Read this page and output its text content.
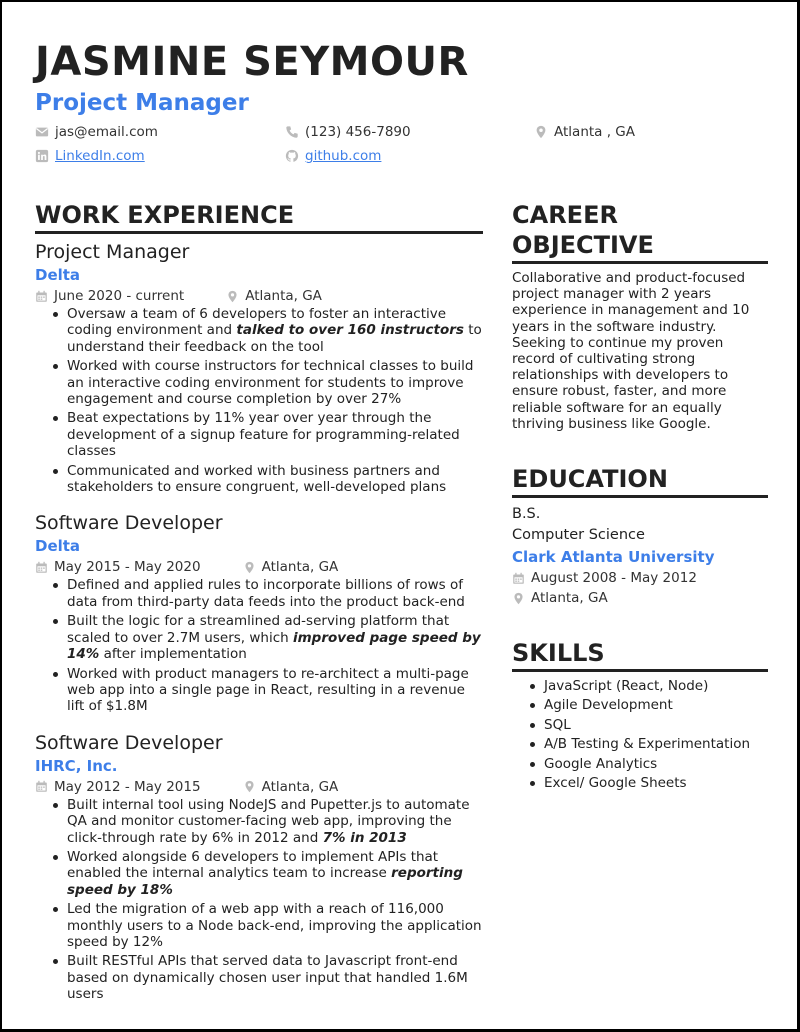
JASMINE SEYMOUR
Project Manager
jas@email.com	(123) 456-7890	Atlanta , GA
LinkedIn.com	github.com
WORK EXPERIENCE
Project Manager
Delta
June 2020 - current	Atlanta, GA
Oversaw a team of 6 developers to foster an interactive coding environment and talked to over 160 instructors to understand their feedback on the tool
Worked with course instructors for technical classes to build an interactive coding environment for students to improve engagement and course completion by over 27%
Beat expectations by 11% year over year through the development of a signup feature for programming-related classes
Communicated and worked with business partners and stakeholders to ensure congruent, well-developed plans
Software Developer
Delta
May 2015 - May 2020	Atlanta, GA
Defined and applied rules to incorporate billions of rows of data from third-party data feeds into the product back-end
Built the logic for a streamlined ad-serving platform that scaled to over 2.7M users, which improved page speed by 14% after implementation
Worked with product managers to re-architect a multi-page web app into a single page in React, resulting in a revenue lift of $1.8M
Software Developer
IHRC, Inc.
May 2012 - May 2015	Atlanta, GA
Built internal tool using NodeJS and Pupetter.js to automate QA and monitor customer-facing web app, improving the click-through rate by 6% in 2012 and 7% in 2013
Worked alongside 6 developers to implement APIs that enabled the internal analytics team to increase reporting speed by 18%
Led the migration of a web app with a reach of 116,000 monthly users to a Node back-end, improving the application speed by 12%
Built RESTful APIs that served data to Javascript front-end based on dynamically chosen user input that handled 1.6M users
CAREER OBJECTIVE
Collaborative and product-focused project manager with 2 years experience in management and 10 years in the software industry. Seeking to continue my proven record of cultivating strong relationships with developers to ensure robust, faster, and more reliable software for an equally thriving business like Google.
EDUCATION
B.S.
Computer Science
Clark Atlanta University
August 2008 - May 2012
Atlanta, GA
SKILLS
JavaScript (React, Node)
Agile Development
SQL
A/B Testing & Experimentation
Google Analytics
Excel/ Google Sheets
